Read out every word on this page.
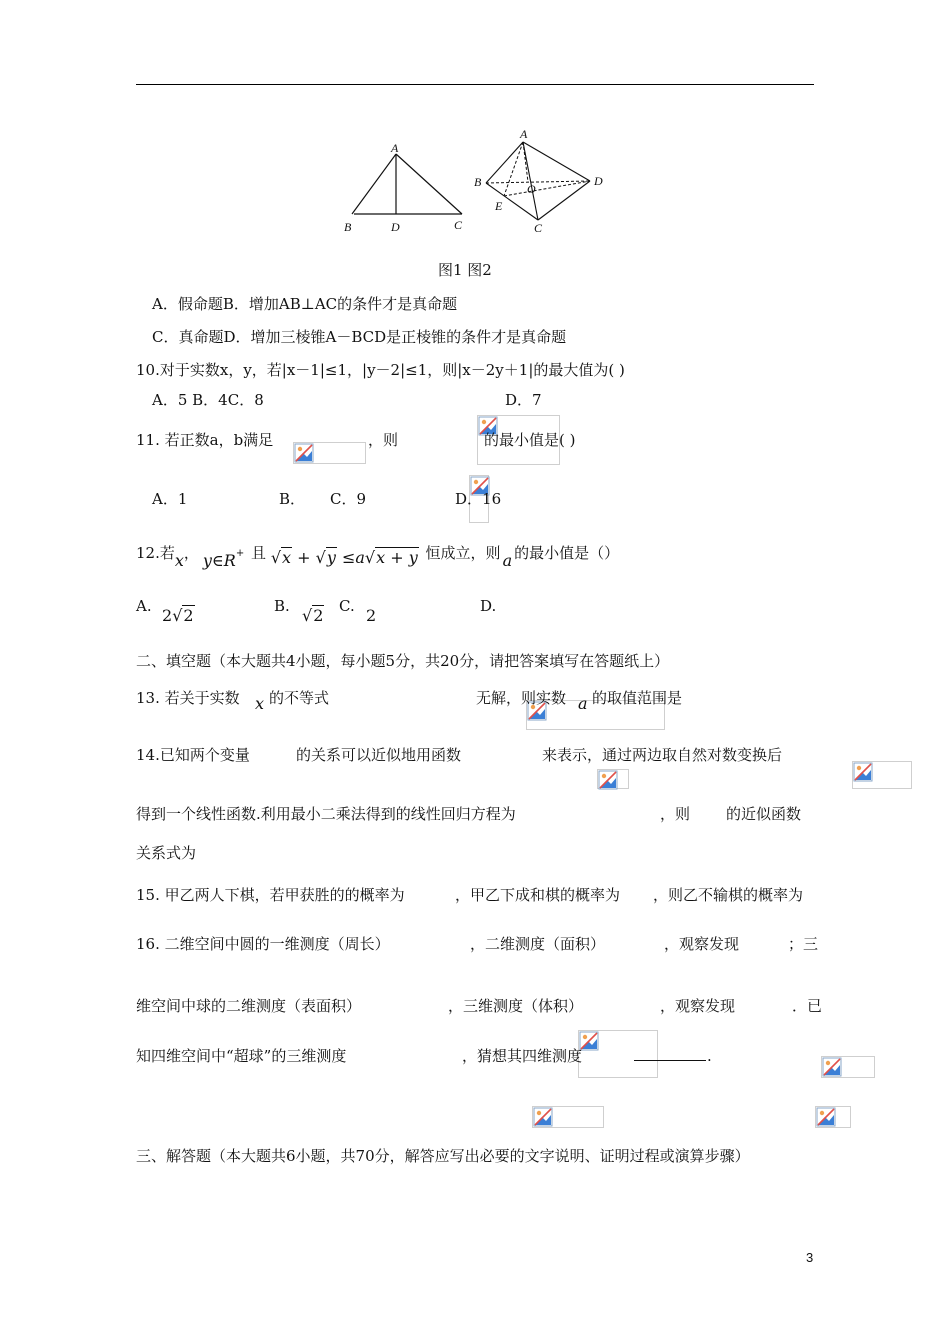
A
B	D	C
A
B	D
O
E
C
图1 图2
A．假命题B．增加AB⊥AC的条件才是真命题
C．真命题D．增加三棱锥A－BCD是正棱锥的条件才是真命题
10.对于实数x，y，若|x－1|≤1，|y－2|≤1，则|x－2y＋1|的最大值为( )
A．5 B．4C．8	D．7
11. 若正数a，b满足
	，则
	的最小值是( )
A．1	B．
C．9	D．16
12.若x， y∈R+ 且 √x + √y ≤a√x + y 恒成立，则 a 的最小值是（）
A. 2√2	B. √2 C. 2	D.
二、填空题（本大题共4小题，每小题5分，共20分，请把答案填写在答题纸上）
13. 若关于实数 x 的不等式
	无解，则实数 a 的取值范围是
14.已知两个变量
	的关系可以近似地用函数
	来表示，通过两边取自然对数变换后
得到一个线性函数.利用最小二乘法得到的线性回归方程为
	，则
的近似函数
关系式为
15. 甲乙两人下棋，若甲获胜的的概率为
	，甲乙下成和棋的概率为
，则乙不输棋的概率为
16. 二维空间中圆的一维测度（周长）
	，二维测度（面积）
	，观察发现
	；三
维空间中球的二维测度（表面积）
	，三维测度（体积）
	，观察发现
	．已
知四维空间中“超球”的三维测度
	，猜想其四维测度	.
三、解答题（本大题共6小题，共70分，解答应写出必要的文字说明、证明过程或演算步骤）
3
